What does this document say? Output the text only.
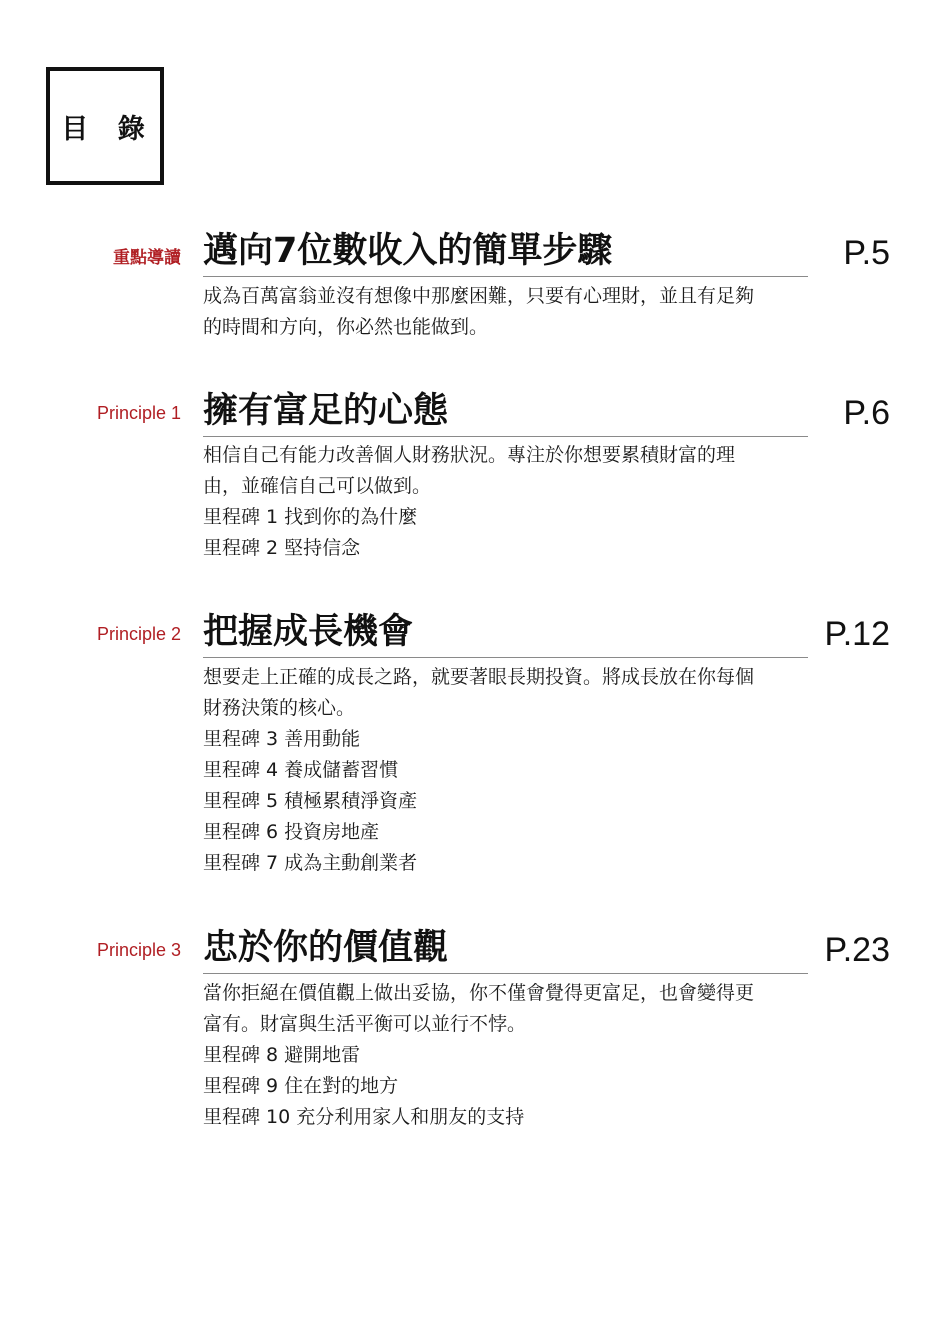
目 錄
重點導讀 邁向7位數收入的簡單步驟	P.5
成為百萬富翁並沒有想像中那麼困難，只要有心理財，並且有足夠
的時間和方向，你必然也能做到。
Principle 1 擁有富足的心態	P.6
相信自己有能力改善個人財務狀況。專注於你想要累積財富的理
由，並確信自己可以做到。
里程碑 1 找到你的為什麼
里程碑 2 堅持信念
Principle 2 把握成長機會	P.12
想要走上正確的成長之路，就要著眼長期投資。將成長放在你每個
財務決策的核心。
里程碑 3 善用動能
里程碑 4 養成儲蓄習慣
里程碑 5 積極累積淨資產
里程碑 6 投資房地產
里程碑 7 成為主動創業者
Principle 3 忠於你的價值觀	P.23
當你拒絕在價值觀上做出妥協，你不僅會覺得更富足，也會變得更
富有。財富與生活平衡可以並行不悖。
里程碑 8 避開地雷
里程碑 9 住在對的地方
里程碑 10 充分利用家人和朋友的支持
